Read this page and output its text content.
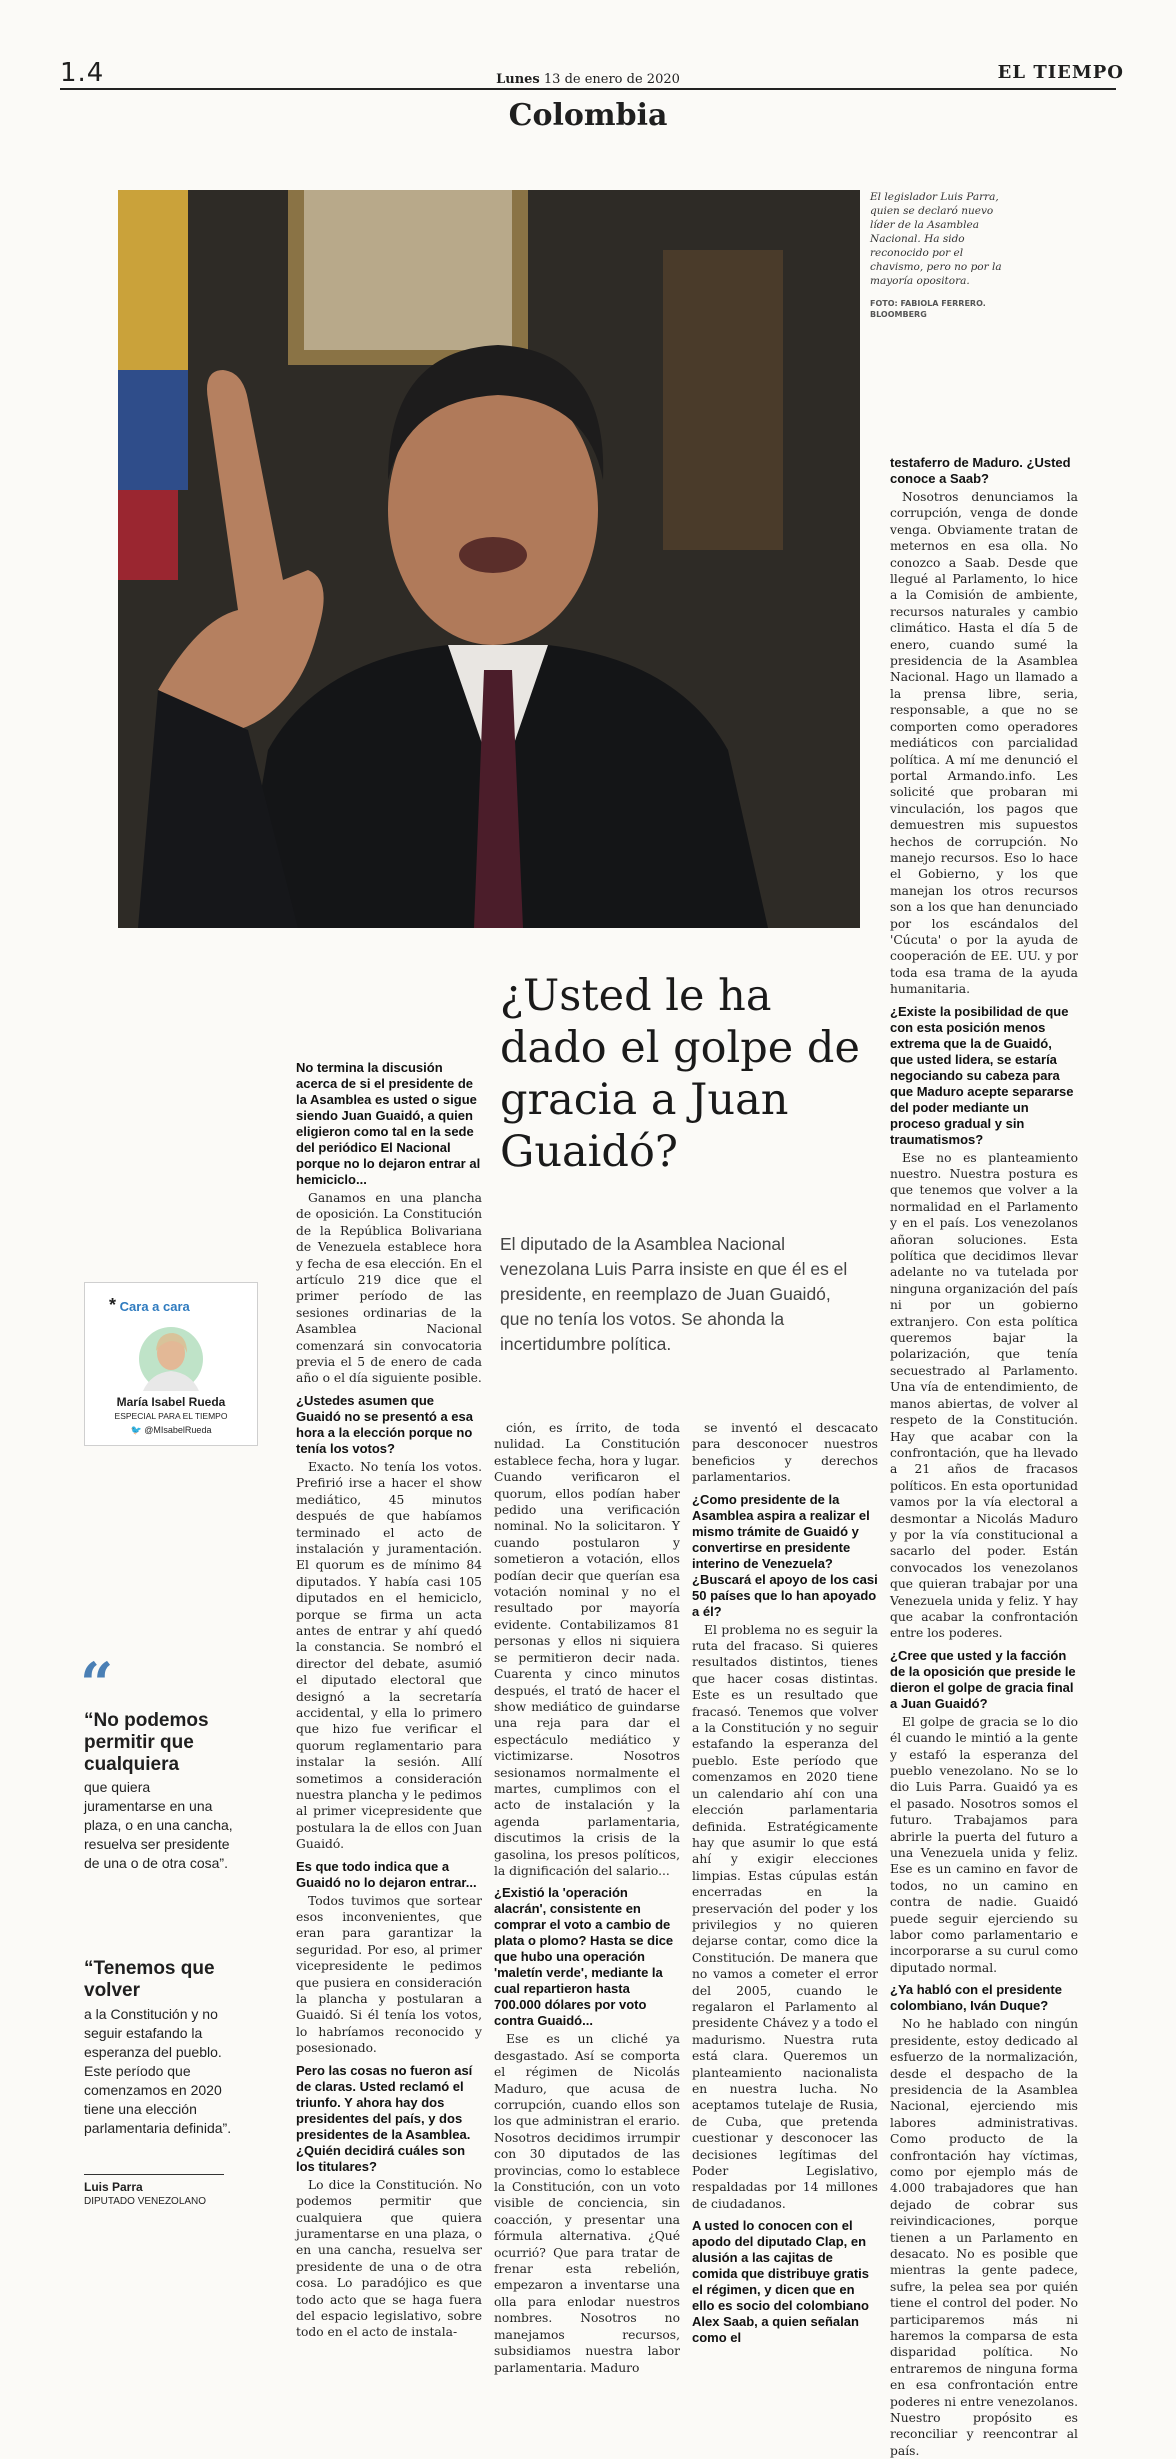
1.4	EL TIEMPO
Lunes 13 de enero de 2020
Colombia
El legislador Luis Parra, quien se declaró nuevo líder de la Asamblea Nacional. Ha sido reconocido por el chavismo, pero no por la mayoría opositora.
FOTO: FABIOLA FERRERO. BLOOMBERG
¿Usted le ha dado el golpe de gracia a Juan Guaidó?
El diputado de la Asamblea Nacional venezolana Luis Parra insiste en que él es el presidente, en reemplazo de Juan Guaidó, que no tenía los votos. Se ahonda la incertidumbre política.
* Cara a cara
María Isabel Rueda
ESPECIAL PARA EL TIEMPO
🐦 @MIsabelRueda
“
“No podemos permitir que cualquiera
que quiera juramentarse en una plaza, o en una cancha, resuelva ser presidente de una o de otra cosa”.
“Tenemos que volver
a la Constitución y no seguir estafando la esperanza del pueblo. Este período que comenzamos en 2020 tiene una elección parlamentaria definida”.
Luis Parra
DIPUTADO VENEZOLANO
No termina la discusión acerca de si el presidente de la Asamblea es usted o sigue siendo Juan Guaidó, a quien eligieron como tal en la sede del periódico El Nacional porque no lo dejaron entrar al hemiciclo...

Ganamos en una plancha de oposición. La Constitución de la República Bolivariana de Venezuela establece hora y fecha de esa elección. En el artículo 219 dice que el primer período de las sesiones ordinarias de la Asamblea Nacional comenzará sin convocatoria previa el 5 de enero de cada año o el día siguiente posible.

¿Ustedes asumen que Guaidó no se presentó a esa hora a la elección porque no tenía los votos?

Exacto. No tenía los votos. Prefirió irse a hacer el show mediático, 45 minutos después de que habíamos terminado el acto de instalación y juramentación. El quorum es de mínimo 84 diputados. Y había casi 105 diputados en el hemiciclo, porque se firma un acta antes de entrar y ahí quedó la constancia. Se nombró el director del debate, asumió el diputado electoral que designó a la secretaría accidental, y ella lo primero que hizo fue verificar el quorum reglamentario para instalar la sesión. Allí sometimos a consideración nuestra plancha y le pedimos al primer vicepresidente que postulara la de ellos con Juan Guaidó.

Es que todo indica que a Guaidó no lo dejaron entrar...

Todos tuvimos que sortear esos inconvenientes, que eran para garantizar la seguridad. Por eso, al primer vicepresidente le pedimos que pusiera en consideración la plancha y postularan a Guaidó. Si él tenía los votos, lo habríamos reconocido y posesionado.

Pero las cosas no fueron así de claras. Usted reclamó el triunfo. Y ahora hay dos presidentes del país, y dos presidentes de la Asamblea. ¿Quién decidirá cuáles son los titulares?

Lo dice la Constitución. No podemos permitir que cualquiera que quiera juramentarse en una plaza, o en una cancha, resuelva ser presidente de una o de otra cosa. Lo paradójico es que todo acto que se haga fuera del espacio legislativo, sobre todo en el acto de instala-

ción, es írrito, de toda nulidad. La Constitución establece fecha, hora y lugar. Cuando verificaron el quorum, ellos podían haber pedido una verificación nominal. No la solicitaron. Y cuando postularon y sometieron a votación, ellos podían decir que querían esa votación nominal y no el resultado por mayoría evidente. Contabilizamos 81 personas y ellos ni siquiera se permitieron decir nada. Cuarenta y cinco minutos después, el trató de hacer el show mediático de guindarse una reja para dar el espectáculo mediático y victimizarse. Nosotros sesionamos normalmente el martes, cumplimos con el acto de instalación y la agenda parlamentaria, discutimos la crisis de la gasolina, los presos políticos, la dignificación del salario...

¿Existió la 'operación alacrán', consistente en comprar el voto a cambio de plata o plomo? Hasta se dice que hubo una operación 'maletín verde', mediante la cual repartieron hasta 700.000 dólares por voto contra Guaidó...

Ese es un cliché ya desgastado. Así se comporta el régimen de Nicolás Maduro, que acusa de corrupción, cuando ellos son los que administran el erario. Nosotros decidimos irrumpir con 30 diputados de las provincias, como lo establece la Constitución, con un voto visible de conciencia, sin coacción, y presentar una fórmula alternativa. ¿Qué ocurrió? Que para tratar de frenar esta rebelión, empezaron a inventarse una olla para enlodar nuestros nombres. Nosotros no manejamos recursos, subsidiamos nuestra labor parlamentaria. Maduro

se inventó el descacato para desconocer nuestros beneficios y derechos parlamentarios.

¿Como presidente de la Asamblea aspira a realizar el mismo trámite de Guaidó y convertirse en presidente interino de Venezuela? ¿Buscará el apoyo de los casi 50 países que lo han apoyado a él?

El problema no es seguir la ruta del fracaso. Si quieres resultados distintos, tienes que hacer cosas distintas. Este es un resultado que fracasó. Tenemos que volver a la Constitución y no seguir estafando la esperanza del pueblo. Este período que comenzamos en 2020 tiene un calendario ahí con una elección parlamentaria definida. Estratégicamente hay que asumir lo que está ahí y exigir elecciones limpias. Estas cúpulas están encerradas en la preservación del poder y los privilegios y no quieren dejarse contar, como dice la Constitución. De manera que no vamos a cometer el error del 2005, cuando le regalaron el Parlamento al presidente Chávez y a todo el madurismo. Nuestra ruta está clara. Queremos un planteamiento nacionalista en nuestra lucha. No aceptamos tutelaje de Rusia, de Cuba, que pretenda cuestionar y desconocer las decisiones legítimas del Poder Legislativo, respaldadas por 14 millones de ciudadanos.

A usted lo conocen con el apodo del diputado Clap, en alusión a las cajitas de comida que distribuye gratis el régimen, y dicen que en ello es socio del colombiano Alex Saab, a quien señalan como el
testaferro de Maduro. ¿Usted conoce a Saab?

Nosotros denunciamos la corrupción, venga de donde venga. Obviamente tratan de meternos en esa olla. No conozco a Saab. Desde que llegué al Parlamento, lo hice a la Comisión de ambiente, recursos naturales y cambio climático. Hasta el día 5 de enero, cuando sumé la presidencia de la Asamblea Nacional. Hago un llamado a la prensa libre, seria, responsable, a que no se comporten como operadores mediáticos con parcialidad política. A mí me denunció el portal Armando.info. Les solicité que probaran mi vinculación, los pagos que demuestren mis supuestos hechos de corrupción. No manejo recursos. Eso lo hace el Gobierno, y los que manejan los otros recursos son a los que han denunciado por los escándalos del 'Cúcuta' o por la ayuda de cooperación de EE. UU. y por toda esa trama de la ayuda humanitaria.

¿Existe la posibilidad de que con esta posición menos extrema que la de Guaidó, que usted lidera, se estaría negociando su cabeza para que Maduro acepte separarse del poder mediante un proceso gradual y sin traumatismos?

Ese no es planteamiento nuestro. Nuestra postura es que tenemos que volver a la normalidad en el Parlamento y en el país. Los venezolanos añoran soluciones. Esta política que decidimos llevar adelante no va tutelada por ninguna organización del país ni por un gobierno extranjero. Con esta política queremos bajar la polarización, que tenía secuestrado al Parlamento. Una vía de entendimiento, de manos abiertas, de volver al respeto de la Constitución. Hay que acabar con la confrontación, que ha llevado a 21 años de fracasos políticos. En esta oportunidad vamos por la vía electoral a desmontar a Nicolás Maduro y por la vía constitucional a sacarlo del poder. Están convocados los venezolanos que quieran trabajar por una Venezuela unida y feliz. Y hay que acabar la confrontación entre los poderes.

¿Cree que usted y la facción de la oposición que preside le dieron el golpe de gracia final a Juan Guaidó?

El golpe de gracia se lo dio él cuando le mintió a la gente y estafó la esperanza del pueblo venezolano. No se lo dio Luis Parra. Guaidó ya es el pasado. Nosotros somos el futuro. Trabajamos para abrirle la puerta del futuro a una Venezuela unida y feliz. Ese es un camino en favor de todos, no un camino en contra de nadie. Guaidó puede seguir ejerciendo su labor como parlamentario e incorporarse a su curul como diputado normal.

¿Ya habló con el presidente colombiano, Iván Duque?

No he hablado con ningún presidente, estoy dedicado al esfuerzo de la normalización, desde el despacho de la presidencia de la Asamblea Nacional, ejerciendo mis labores administrativas. Como producto de la confrontación hay víctimas, como por ejemplo más de 4.000 trabajadores que han dejado de cobrar sus reivindicaciones, porque tienen a un Parlamento en desacato. No es posible que mientras la gente padece, sufre, la pelea sea por quién tiene el control del poder. No participaremos más ni haremos la comparsa de esta disparidad política. No entraremos de ninguna forma en esa confrontación entre poderes ni entre venezolanos. Nuestro propósito es reconciliar y reencontrar al país.
